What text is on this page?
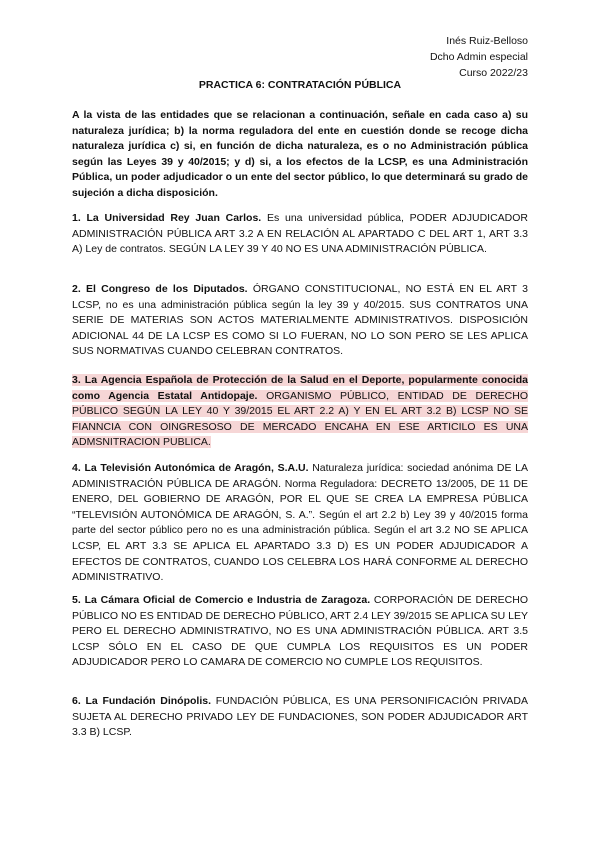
Inés Ruiz-Belloso
Dcho Admin especial
Curso 2022/23
PRACTICA 6: CONTRATACIÓN PÚBLICA
A la vista de las entidades que se relacionan a continuación, señale en cada caso a) su naturaleza jurídica; b) la norma reguladora del ente en cuestión donde se recoge dicha naturaleza jurídica c) si, en función de dicha naturaleza, es o no Administración pública según las Leyes 39 y 40/2015; y d) si, a los efectos de la LCSP, es una Administración Pública, un poder adjudicador o un ente del sector público, lo que determinará su grado de sujeción a dicha disposición.
1. La Universidad Rey Juan Carlos. Es una universidad pública, PODER ADJUDICADOR ADMINISTRACIÓN PÚBLICA ART 3.2 A EN RELACIÓN AL APARTADO C DEL ART 1, ART 3.3 A) Ley de contratos. SEGÚN LA LEY 39 Y 40 NO ES UNA ADMINISTRACIÓN PÚBLICA.
2. El Congreso de los Diputados. ÓRGANO CONSTITUCIONAL, NO ESTÁ EN EL ART 3 LCSP, no es una administración pública según la ley 39 y 40/2015. SUS CONTRATOS UNA SERIE DE MATERIAS SON ACTOS MATERIALMENTE ADMINISTRATIVOS. DISPOSICIÓN ADICIONAL 44 DE LA LCSP ES COMO SI LO FUERAN, NO LO SON PERO SE LES APLICA SUS NORMATIVAS CUANDO CELEBRAN CONTRATOS.
3. La Agencia Española de Protección de la Salud en el Deporte, popularmente conocida como Agencia Estatal Antidopaje. ORGANISMO PÚBLICO, ENTIDAD DE DERECHO PÚBLICO SEGÚN LA LEY 40 Y 39/2015 EL ART 2.2 A) Y EN EL ART 3.2 B) LCSP NO SE FIANNCIA CON OINGRESOSO DE MERCADO ENCAHA EN ESE ARTICILO ES UNA ADMSNITRACION PUBLICA.
4. La Televisión Autonómica de Aragón, S.A.U. Naturaleza jurídica: sociedad anónima DE LA ADMINISTRACIÓN PÚBLICA DE ARAGÓN. Norma Reguladora: DECRETO 13/2005, DE 11 DE ENERO, DEL GOBIERNO DE ARAGÓN, POR EL QUE SE CREA LA EMPRESA PÚBLICA “TELEVISIÓN AUTONÓMICA DE ARAGÓN, S. A.”. Según el art 2.2 b) Ley 39 y 40/2015 forma parte del sector público pero no es una administración pública. Según el art 3.2 NO SE APLICA LCSP, EL ART 3.3 SE APLICA EL APARTADO 3.3 D) ES UN PODER ADJUDICADOR A EFECTOS DE CONTRATOS, CUANDO LOS CELEBRA LOS HARÁ CONFORME AL DERECHO ADMINISTRATIVO.
5. La Cámara Oficial de Comercio e Industria de Zaragoza. CORPORACIÓN DE DERECHO PÚBLICO NO ES ENTIDAD DE DERECHO PÚBLICO, ART 2.4 LEY 39/2015 SE APLICA SU LEY PERO EL DERECHO ADMINISTRATIVO, NO ES UNA ADMINISTRACIÓN PÚBLICA. ART 3.5 LCSP SÓLO EN EL CASO DE QUE CUMPLA LOS REQUISITOS ES UN PODER ADJUDICADOR PERO LO CAMARA DE COMERCIO NO CUMPLE LOS REQUISITOS.
6. La Fundación Dinópolis. FUNDACIÓN PÚBLICA, ES UNA PERSONIFICACIÓN PRIVADA SUJETA AL DERECHO PRIVADO LEY DE FUNDACIONES, SON PODER ADJUDICADOR ART 3.3 B) LCSP.
